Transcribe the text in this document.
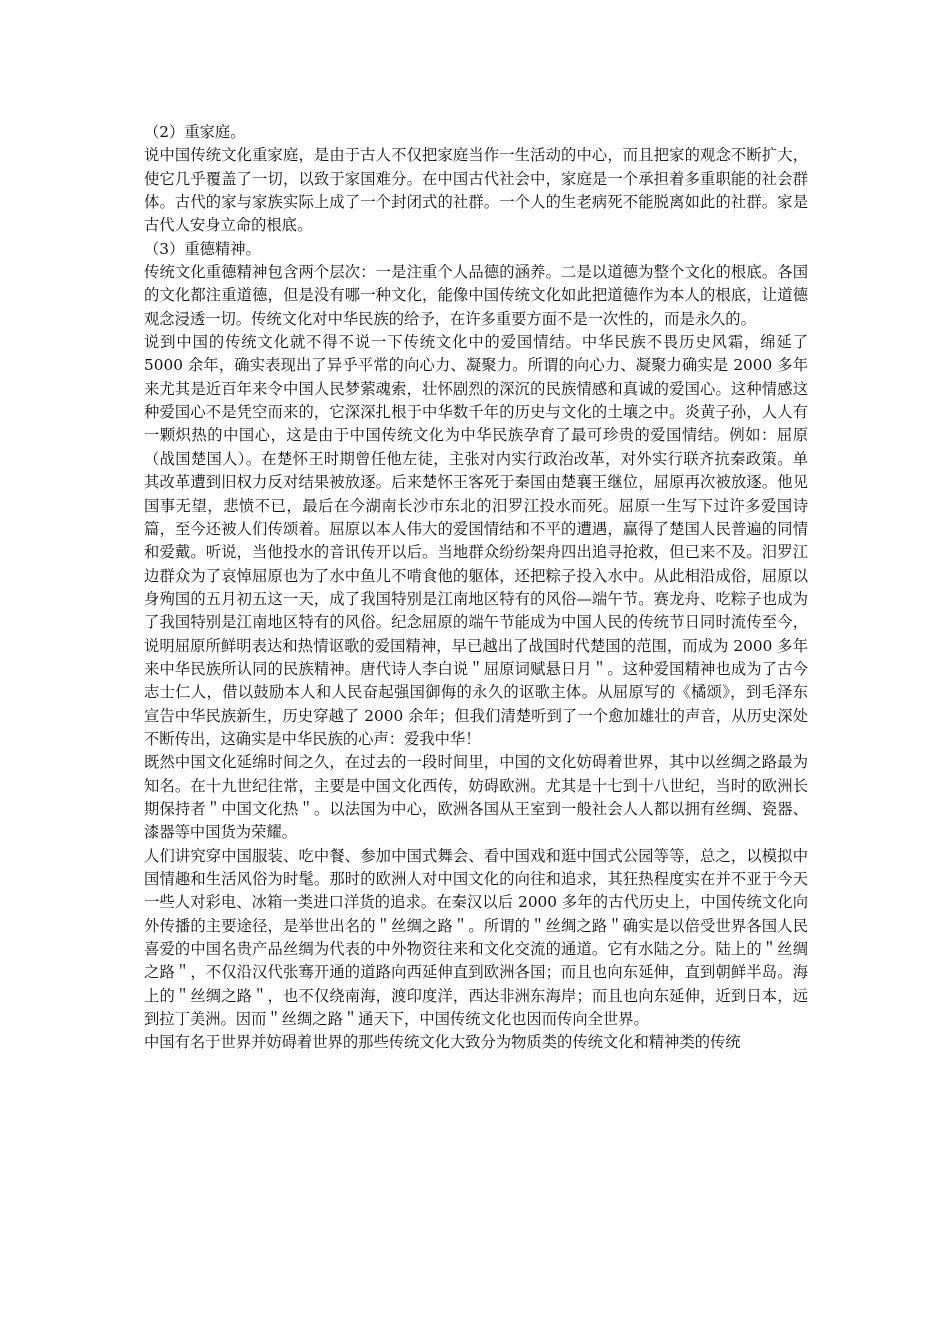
（2）重家庭。

说中国传统文化重家庭，是由于古人不仅把家庭当作一生活动的中心，而且把家的观念不断扩大，使它几乎覆盖了一切，以致于家国难分。在中国古代社会中，家庭是一个承担着多重职能的社会群体。古代的家与家族实际上成了一个封闭式的社群。一个人的生老病死不能脱离如此的社群。家是古代人安身立命的根底。

（3）重德精神。

传统文化重德精神包含两个层次：一是注重个人品德的涵养。二是以道德为整个文化的根底。各国的文化都注重道德，但是没有哪一种文化，能像中国传统文化如此把道德作为本人的根底，让道德观念浸透一切。传统文化对中华民族的给予，在许多重要方面不是一次性的，而是永久的。

说到中国的传统文化就不得不说一下传统文化中的爱国情结。中华民族不畏历史风霜，绵延了 5000 余年，确实表现出了异乎平常的向心力、凝聚力。所谓的向心力、凝聚力确实是 2000 多年来尤其是近百年来令中国人民梦萦魂索，壮怀剧烈的深沉的民族情感和真诚的爱国心。这种情感这种爱国心不是凭空而来的，它深深扎根于中华数千年的历史与文化的土壤之中。炎黄子孙，人人有一颗炽热的中国心，这是由于中国传统文化为中华民族孕育了最可珍贵的爱国情结。例如：屈原（战国楚国人）。在楚怀王时期曾任他左徒，主张对内实行政治改革，对外实行联齐抗秦政策。单其改革遭到旧权力反对结果被放逐。后来楚怀王客死于秦国由楚襄王继位，屈原再次被放逐。他见国事无望，悲愤不已，最后在今湖南长沙市东北的汨罗江投水而死。屈原一生写下过许多爱国诗篇，至今还被人们传颂着。屈原以本人伟大的爱国情结和不平的遭遇，赢得了楚国人民普遍的同情和爱戴。听说，当他投水的音讯传开以后。当地群众纷纷架舟四出追寻抢救，但已来不及。汨罗江边群众为了哀悼屈原也为了水中鱼儿不啃食他的躯体，还把粽子投入水中。从此相沿成俗，屈原以身殉国的五月初五这一天，成了我国特别是江南地区特有的风俗—端午节。赛龙舟、吃粽子也成为了我国特别是江南地区特有的风俗。纪念屈原的端午节能成为中国人民的传统节日同时流传至今，说明屈原所鲜明表达和热情讴歌的爱国精神，早已越出了战国时代楚国的范围，而成为 2000 多年来中华民族所认同的民族精神。唐代诗人李白说＂屈原词赋悬日月＂。这种爱国精神也成为了古今志士仁人，借以鼓励本人和人民奋起强国御侮的永久的讴歌主体。从屈原写的《橘颂》，到毛泽东宣告中华民族新生，历史穿越了 2000 余年；但我们清楚听到了一个愈加雄壮的声音，从历史深处不断传出，这确实是中华民族的心声：爱我中华！

既然中国文化延绵时间之久，在过去的一段时间里，中国的文化妨碍着世界，其中以丝绸之路最为知名。在十九世纪往常，主要是中国文化西传，妨碍欧洲。尤其是十七到十八世纪，当时的欧洲长期保持者＂中国文化热＂。以法国为中心，欧洲各国从王室到一般社会人人都以拥有丝绸、瓷器、漆器等中国货为荣耀。

人们讲究穿中国服装、吃中餐、参加中国式舞会、看中国戏和逛中国式公园等等，总之，以模拟中国情趣和生活风俗为时髦。那时的欧洲人对中国文化的向往和追求，其狂热程度实在并不亚于今天一些人对彩电、冰箱一类进口洋货的追求。在秦汉以后 2000 多年的古代历史上，中国传统文化向外传播的主要途径，是举世出名的＂丝绸之路＂。所谓的＂丝绸之路＂确实是以倍受世界各国人民喜爱的中国名贵产品丝绸为代表的中外物资往来和文化交流的通道。它有水陆之分。陆上的＂丝绸之路＂，不仅沿汉代张骞开通的道路向西延伸直到欧洲各国；而且也向东延伸，直到朝鲜半岛。海上的＂丝绸之路＂，也不仅绕南海，渡印度洋，西达非洲东海岸；而且也向东延伸，近到日本，远到拉丁美洲。因而＂丝绸之路＂通天下，中国传统文化也因而传向全世界。

中国有名于世界并妨碍着世界的那些传统文化大致分为物质类的传统文化和精神类的传统
